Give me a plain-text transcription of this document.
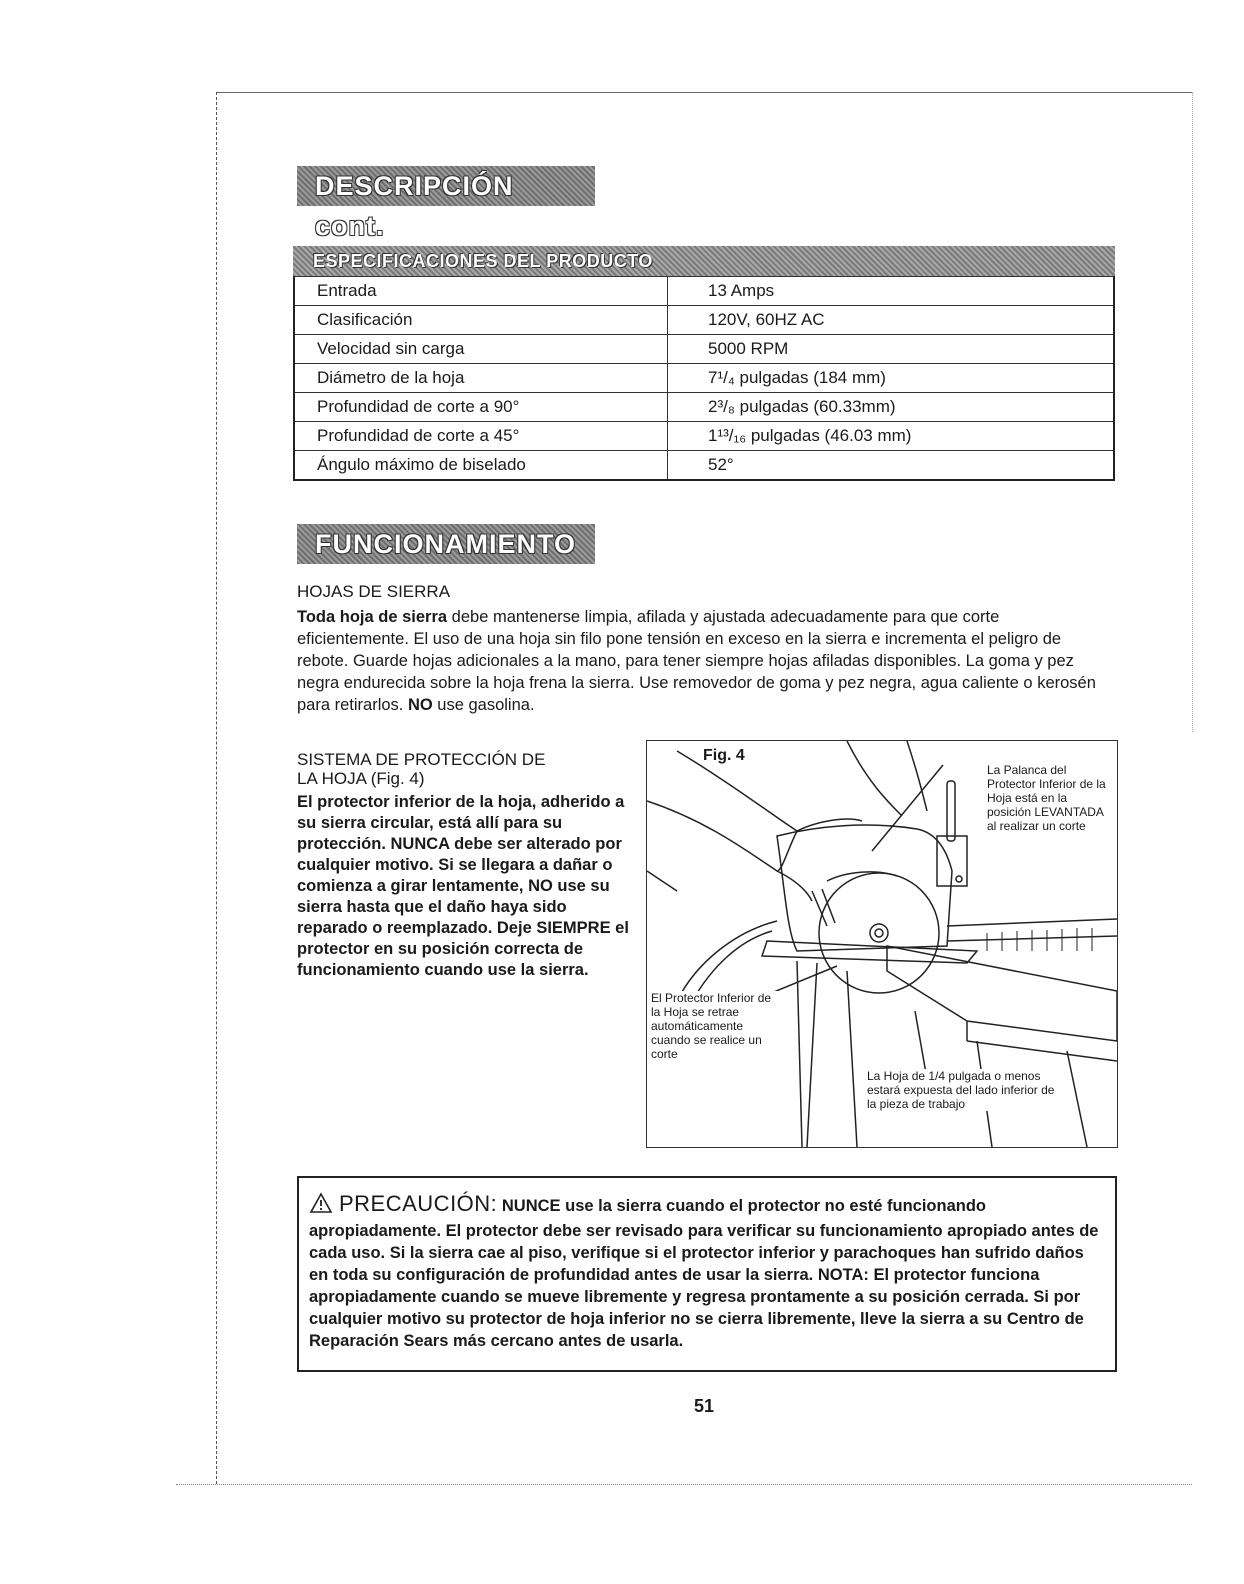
DESCRIPCIÓN cont.
ESPECIFICACIONES DEL PRODUCTO
Entrada	13 Amps
Clasificación	120V, 60HZ AC
Velocidad sin carga	5000 RPM
Diámetro de la hoja	7¹/₄ pulgadas (184 mm)
Profundidad de corte a 90°	2³/₈ pulgadas (60.33mm)
Profundidad de corte a 45°	1¹³/₁₆ pulgadas (46.03 mm)
Ángulo máximo de biselado	52°
FUNCIONAMIENTO
HOJAS DE SIERRA
Toda hoja de sierra debe mantenerse limpia, afilada y ajustada adecuadamente para que corte eficientemente. El uso de una hoja sin filo pone tensión en exceso en la sierra e incrementa el peligro de rebote. Guarde hojas adicionales a la mano, para tener siempre hojas afiladas disponibles. La goma y pez negra endurecida sobre la hoja frena la sierra. Use removedor de goma y pez negra, agua caliente o kerosén para retirarlos. NO use gasolina.
SISTEMA DE PROTECCIÓN DE
LA HOJA (Fig. 4)
El protector inferior de la hoja, adherido a su sierra circular, está allí para su protección. NUNCA debe ser alterado por cualquier motivo. Si se llegara a dañar o comienza a girar lentamente, NO use su sierra hasta que el daño haya sido reparado o reemplazado. Deje SIEMPRE el protector en su posición correcta de funcionamiento cuando use la sierra.
Fig. 4
La Palanca del Protector Inferior de la Hoja está en la posición LEVANTADA al realizar un corte
El Protector Inferior de la Hoja se retrae automáticamente cuando se realice un corte
La Hoja de 1/4 pulgada o menos estará expuesta del lado inferior de la pieza de trabajo
PRECAUCIÓN: NUNCE use la sierra cuando el protector no esté funcionando apropiadamente. El protector debe ser revisado para verificar su funcionamiento apropiado antes de cada uso. Si la sierra cae al piso, verifique si el protector inferior y parachoques han sufrido daños en toda su configuración de profundidad antes de usar la sierra. NOTA: El protector funciona apropiadamente cuando se mueve libremente y regresa prontamente a su posición cerrada. Si por cualquier motivo su protector de hoja inferior no se cierra libremente, lleve la sierra a su Centro de Reparación Sears más cercano antes de usarla.
51
